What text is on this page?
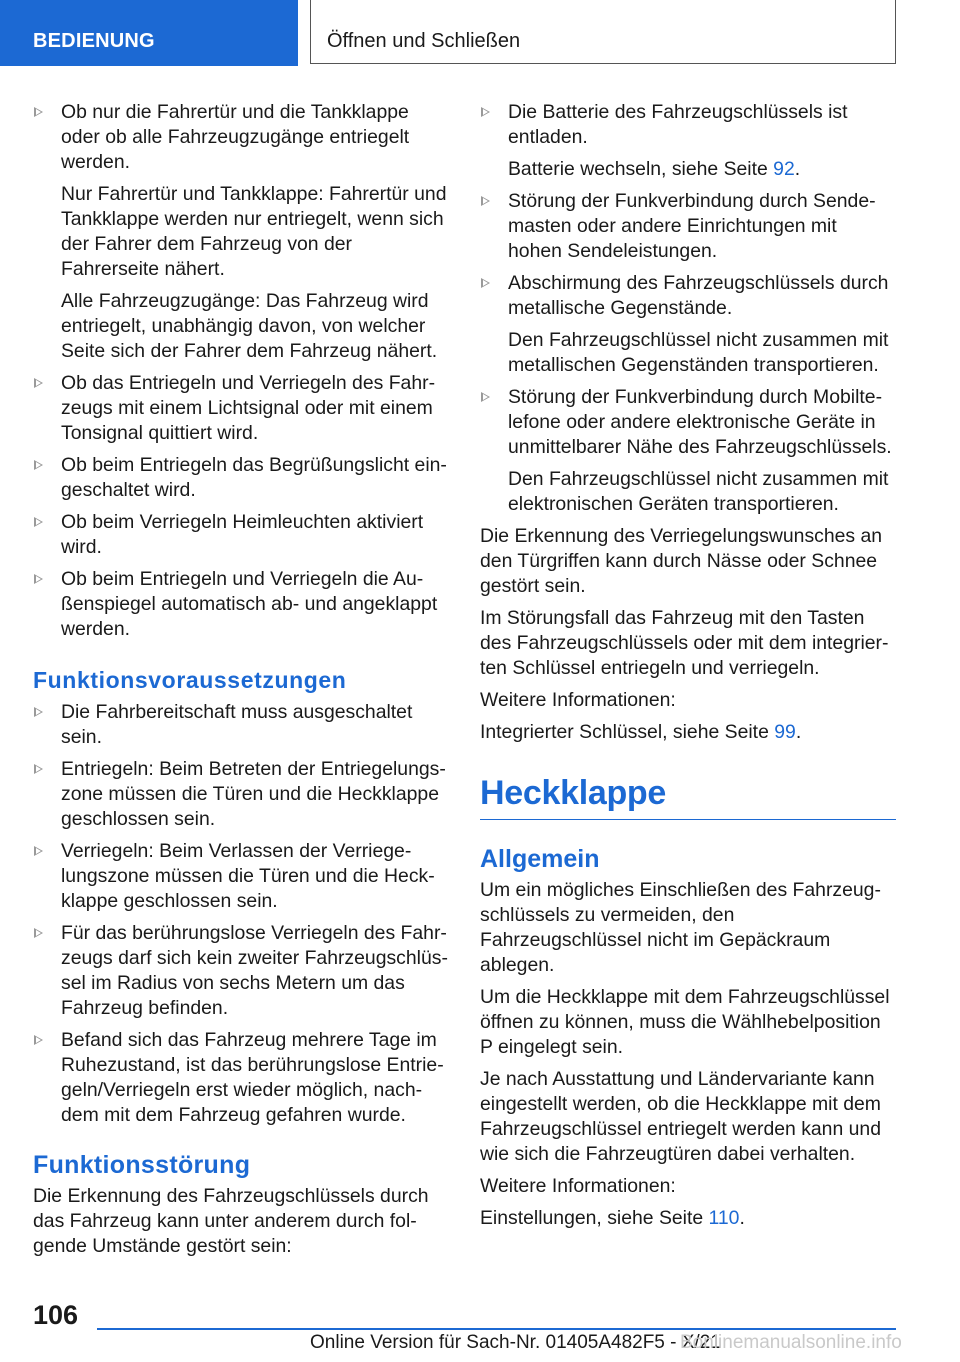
BEDIENUNG	Öffnen und Schließen
Ob nur die Fahrertür und die Tankklappe oder ob alle Fahrzeugzugänge entriegelt werden.
Nur Fahrertür und Tankklappe: Fahrertür und Tankklappe werden nur entriegelt, wenn sich der Fahrer dem Fahrzeug von der Fahrerseite nähert.
Alle Fahrzeugzugänge: Das Fahrzeug wird entriegelt, unabhängig davon, von welcher Seite sich der Fahrer dem Fahrzeug nähert.
Ob das Entriegeln und Verriegeln des Fahrzeugs mit einem Lichtsignal oder mit einem Tonsignal quittiert wird.
Ob beim Entriegeln das Begrüßungslicht eingeschaltet wird.
Ob beim Verriegeln Heimleuchten aktiviert wird.
Ob beim Entriegeln und Verriegeln die Außenspiegel automatisch ab- und angeklappt werden.
Funktionsvoraussetzungen
Die Fahrbereitschaft muss ausgeschaltet sein.
Entriegeln: Beim Betreten der Entriegelungszone müssen die Türen und die Heckklappe geschlossen sein.
Verriegeln: Beim Verlassen der Verriegelungszone müssen die Türen und die Heckklappe geschlossen sein.
Für das berührungslose Verriegeln des Fahrzeugs darf sich kein zweiter Fahrzeugschlüssel im Radius von sechs Metern um das Fahrzeug befinden.
Befand sich das Fahrzeug mehrere Tage im Ruhezustand, ist das berührungslose Entriegeln/Verriegeln erst wieder möglich, nachdem mit dem Fahrzeug gefahren wurde.
Funktionsstörung
Die Erkennung des Fahrzeugschlüssels durch das Fahrzeug kann unter anderem durch folgende Umstände gestört sein:
Die Batterie des Fahrzeugschlüssels ist entladen.
Batterie wechseln, siehe Seite 92.
Störung der Funkverbindung durch Sendemasten oder andere Einrichtungen mit hohen Sendeleistungen.
Abschirmung des Fahrzeugschlüssels durch metallische Gegenstände.
Den Fahrzeugschlüssel nicht zusammen mit metallischen Gegenständen transportieren.
Störung der Funkverbindung durch Mobiltelefone oder andere elektronische Geräte in unmittelbarer Nähe des Fahrzeugschlüssels.
Den Fahrzeugschlüssel nicht zusammen mit elektronischen Geräten transportieren.
Die Erkennung des Verriegelungswunsches an den Türgriffen kann durch Nässe oder Schnee gestört sein.
Im Störungsfall das Fahrzeug mit den Tasten des Fahrzeugschlüssels oder mit dem integrierten Schlüssel entriegeln und verriegeln.
Weitere Informationen:
Integrierter Schlüssel, siehe Seite 99.
Heckklappe
Allgemein
Um ein mögliches Einschließen des Fahrzeugschlüssels zu vermeiden, den Fahrzeugschlüssel nicht im Gepäckraum ablegen.
Um die Heckklappe mit dem Fahrzeugschlüssel öffnen zu können, muss die Wählhebelposition P eingelegt sein.
Je nach Ausstattung und Ländervariante kann eingestellt werden, ob die Heckklappe mit dem Fahrzeugschlüssel entriegelt werden kann und wie sich die Fahrzeugtüren dabei verhalten.
Weitere Informationen:
Einstellungen, siehe Seite 110.
106
Online Version für Sach-Nr. 01405A482F5 - X/21
Bonlinemanualsonline.info
